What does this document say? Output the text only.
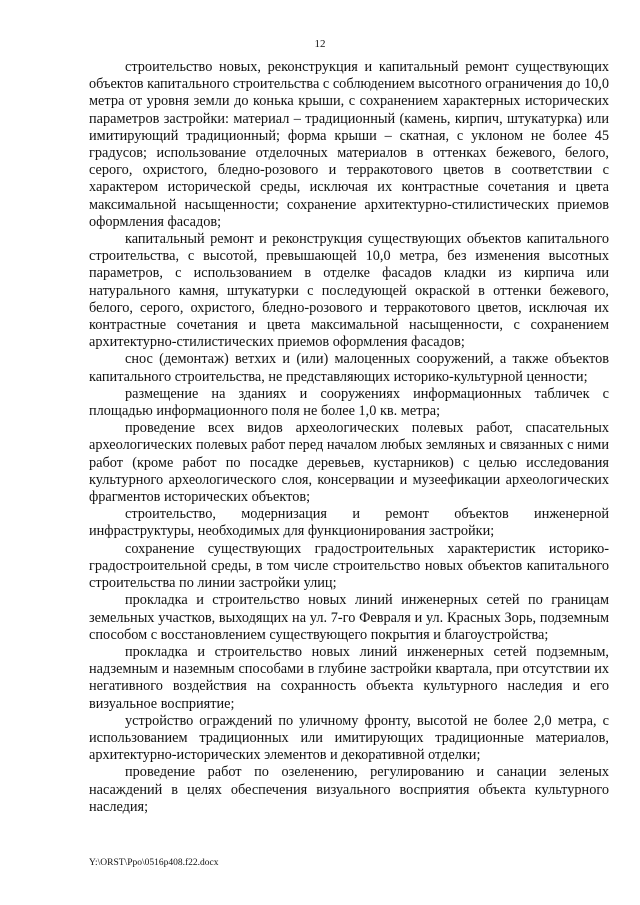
12

строительство новых, реконструкция и капитальный ремонт существующих объектов капитального строительства с соблюдением высотного ограничения до 10,0 метра от уровня земли до конька крыши, с сохранением характерных исторических параметров застройки: материал – традиционный (камень, кирпич, штукатурка) или имитирующий традиционный; форма крыши – скатная, с уклоном не более 45 градусов; использование отделочных материалов в оттенках бежевого, белого, серого, охристого, бледно-розового и терракотового цветов в соответствии с характером исторической среды, исключая их контрастные сочетания и цвета максимальной насыщенности; сохранение архитектурно-стилистических приемов оформления фасадов;

капитальный ремонт и реконструкция существующих объектов капитального строительства, с высотой, превышающей 10,0 метра, без изменения высотных параметров, с использованием в отделке фасадов кладки из кирпича или натурального камня, штукатурки с последующей окраской в оттенки бежевого, белого, серого, охристого, бледно-розового и терракотового цветов, исключая их контрастные сочетания и цвета максимальной насыщенности, с сохранением архитектурно-стилистических приемов оформления фасадов;

снос (демонтаж) ветхих и (или) малоценных сооружений, а также объектов капитального строительства, не представляющих историко-культурной ценности;

размещение на зданиях и сооружениях информационных табличек с площадью информационного поля не более 1,0 кв. метра;

проведение всех видов археологических полевых работ, спасательных археологических полевых работ перед началом любых земляных и связанных с ними работ (кроме работ по посадке деревьев, кустарников) с целью исследования культурного археологического слоя, консервации и музеефикации археологических фрагментов исторических объектов;

строительство, модернизация и ремонт объектов инженерной инфраструктуры, необходимых для функционирования застройки;

сохранение существующих градостроительных характеристик историко-градостроительной среды, в том числе строительство новых объектов капитального строительства по линии застройки улиц;

прокладка и строительство новых линий инженерных сетей по границам земельных участков, выходящих на ул. 7-го Февраля и ул. Красных Зорь, подземным способом с восстановлением существующего покрытия и благоустройства;

прокладка и строительство новых линий инженерных сетей подземным, надземным и наземным способами в глубине застройки квартала, при отсутствии их негативного воздействия на сохранность объекта культурного наследия и его визуальное восприятие;

устройство ограждений по уличному фронту, высотой не более 2,0 метра, с использованием традиционных или имитирующих традиционные материалов, архитектурно-исторических элементов и декоративной отделки;

проведение работ по озеленению, регулированию и санации зеленых насаждений в целях обеспечения визуального восприятия объекта культурного наследия;

Y:\ORST\Ppo\0516p408.f22.docx
